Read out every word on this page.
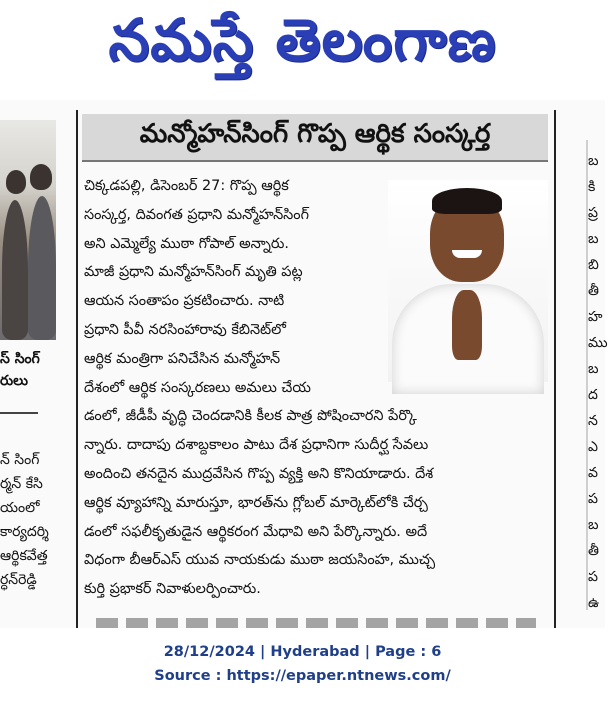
నమస్తే తెలంగాణ
స్ సింగ్
రులు
న్ సింగ్
ర్మన్ కేసి
యంలో
కార్యదర్శి
ఆర్థికవేత్త
ర్ధన్‌రెడ్డి
మన్మోహన్‌సింగ్ గొప్ప ఆర్థిక సంస్కర్త
చిక్కడపల్లి, డిసెంబర్ 27: గొప్ప ఆర్థిక
సంస్కర్త, దివంగత ప్రధాని మన్మోహన్‌సింగ్
అని ఎమ్మెల్యే ముఠా గోపాల్ అన్నారు.
మాజీ ప్రధాని మన్మోహన్‌సింగ్ మృతి పట్ల
ఆయన సంతాపం ప్రకటించారు. నాటి
ప్రధాని పీవీ నరసింహారావు కేబినెట్‌లో
ఆర్థిక మంత్రిగా పనిచేసిన మన్మోహన్
దేశంలో ఆర్థిక సంస్కరణలు అమలు చేయ
డంలో, జీడీపీ వృద్ధి చెందడానికి కీలక పాత్ర పోషించారని పేర్కొ
న్నారు. దాదాపు దశాబ్దకాలం పాటు దేశ ప్రధానిగా సుదీర్ఘ సేవలు
అందించి తనదైన ముద్రవేసిన గొప్ప వ్యక్తి అని కొనియాడారు. దేశ
ఆర్థిక వ్యూహాన్ని మారుస్తూ, భారత్‌ను గ్లోబల్ మార్కెట్‌లోకి చేర్చ
డంలో సఫలీకృతుడైన ఆర్థికరంగ మేధావి అని పేర్కొన్నారు. అదే
విధంగా బీఆర్‌ఎస్ యువ నాయకుడు ముఠా జయసింహ, ముచ్చ
కుర్తి ప్రభాకర్ నివాళులర్పించారు.
బ
కి
ప్ర
బ
బి
తీ
హ
ము
బ
ద
న
ఎ
వ
ప
బ
తీ
ప
ఉ
28/12/2024 | Hyderabad | Page : 6
Source : https://epaper.ntnews.com/
